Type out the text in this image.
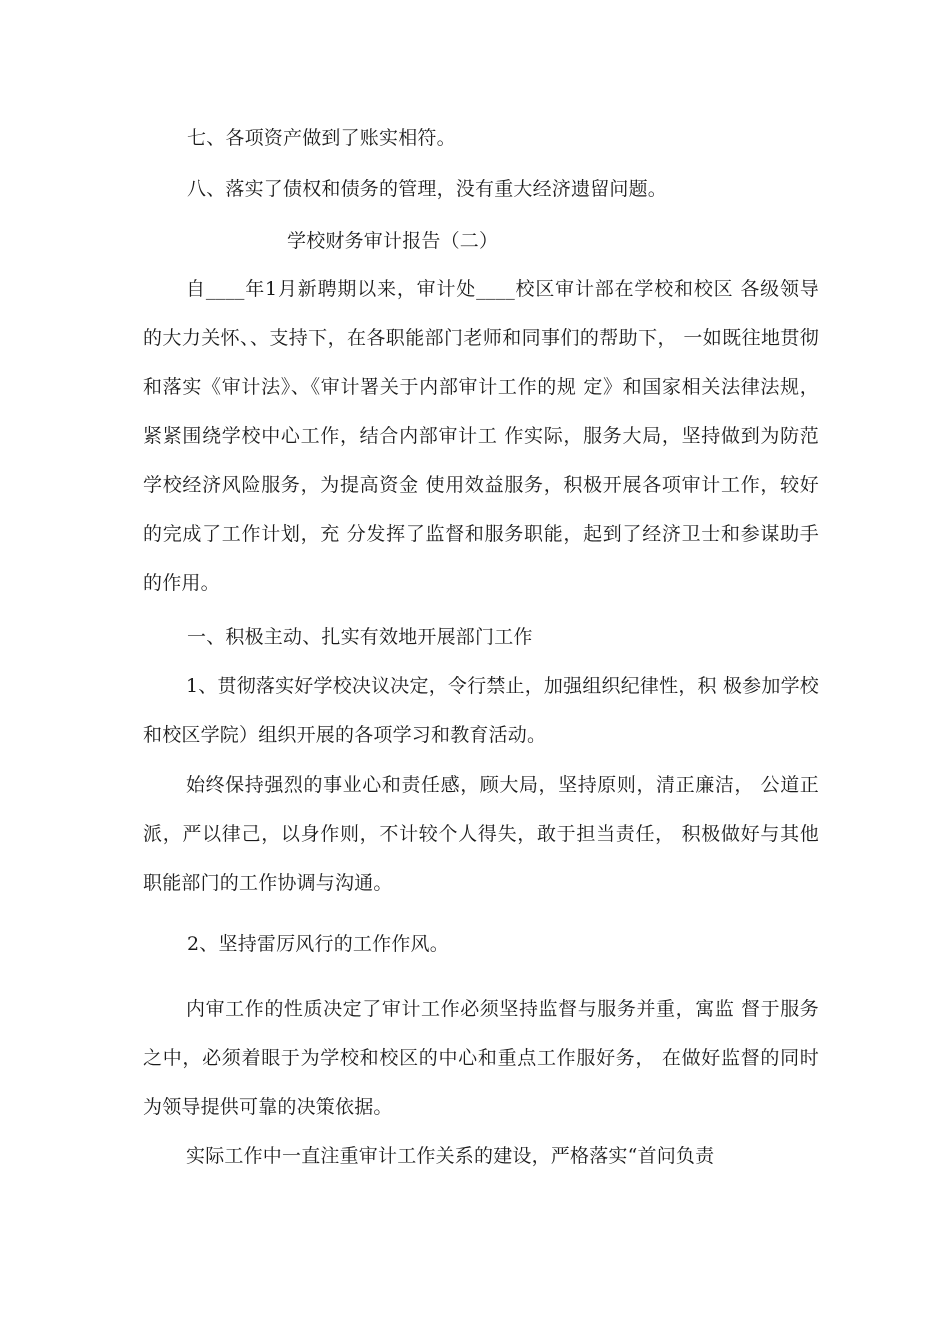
七、各项资产做到了账实相符。
八、落实了债权和债务的管理，没有重大经济遗留问题。
学校财务审计报告（二）
自____年1月新聘期以来，审计处____校区审计部在学校和校区 各级领导的大力关怀、、支持下，在各职能部门老师和同事们的帮助下， 一如既往地贯彻和落实《审计法》、《审计署关于内部审计工作的规 定》和国家相关法律法规，紧紧围绕学校中心工作，结合内部审计工 作实际，服务大局，坚持做到为防范学校经济风险服务，为提高资金 使用效益服务，积极开展各项审计工作，较好的完成了工作计划，充 分发挥了监督和服务职能，起到了经济卫士和参谋助手的作用。
一、积极主动、扎实有效地开展部门工作
1、贯彻落实好学校决议决定，令行禁止，加强组织纪律性，积 极参加学校和校区学院）组织开展的各项学习和教育活动。
始终保持强烈的事业心和责任感，顾大局，坚持原则，清正廉洁， 公道正派，严以律己，以身作则，不计较个人得失，敢于担当责任， 积极做好与其他职能部门的工作协调与沟通。
2、坚持雷厉风行的工作作风。
内审工作的性质决定了审计工作必须坚持监督与服务并重，寓监 督于服务之中，必须着眼于为学校和校区的中心和重点工作服好务， 在做好监督的同时为领导提供可靠的决策依据。
实际工作中一直注重审计工作关系的建设，严格落实“首问负责
